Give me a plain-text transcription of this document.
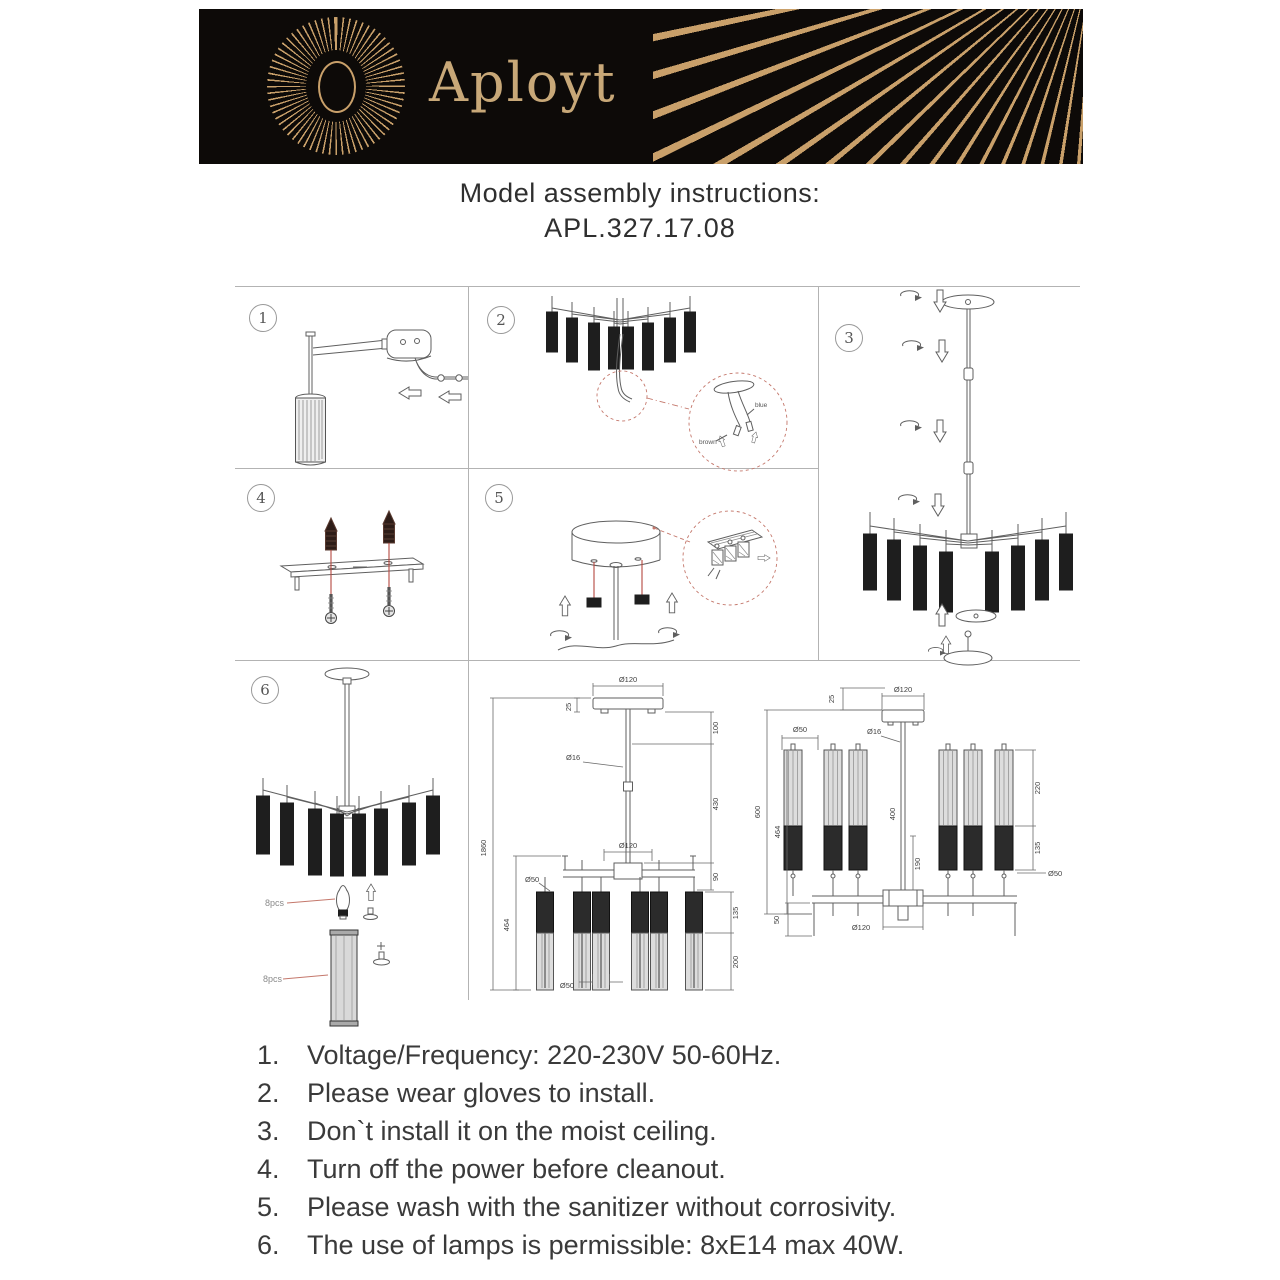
Aployt
Model assembly instructions:
APL.327.17.08
1	2
3
4	5
6
blue
brown
8pcs
8pcs
Ø120
25
Ø16
100
430
90
Ø120
1860
464
Ø50
135
200
Ø50
25
Ø120
Ø16
Ø50
400
190
600
464
220
135
Ø50
Ø120
50
1.	Voltage/Frequency: 220-230V 50-60Hz.
2.	Please wear gloves to install.
3.	Don`t install it on the moist ceiling.
4.	Turn off the power before cleanout.
5.	Please wash with the sanitizer without corrosivity.
6.	The use of lamps is permissible: 8xE14 max 40W.
